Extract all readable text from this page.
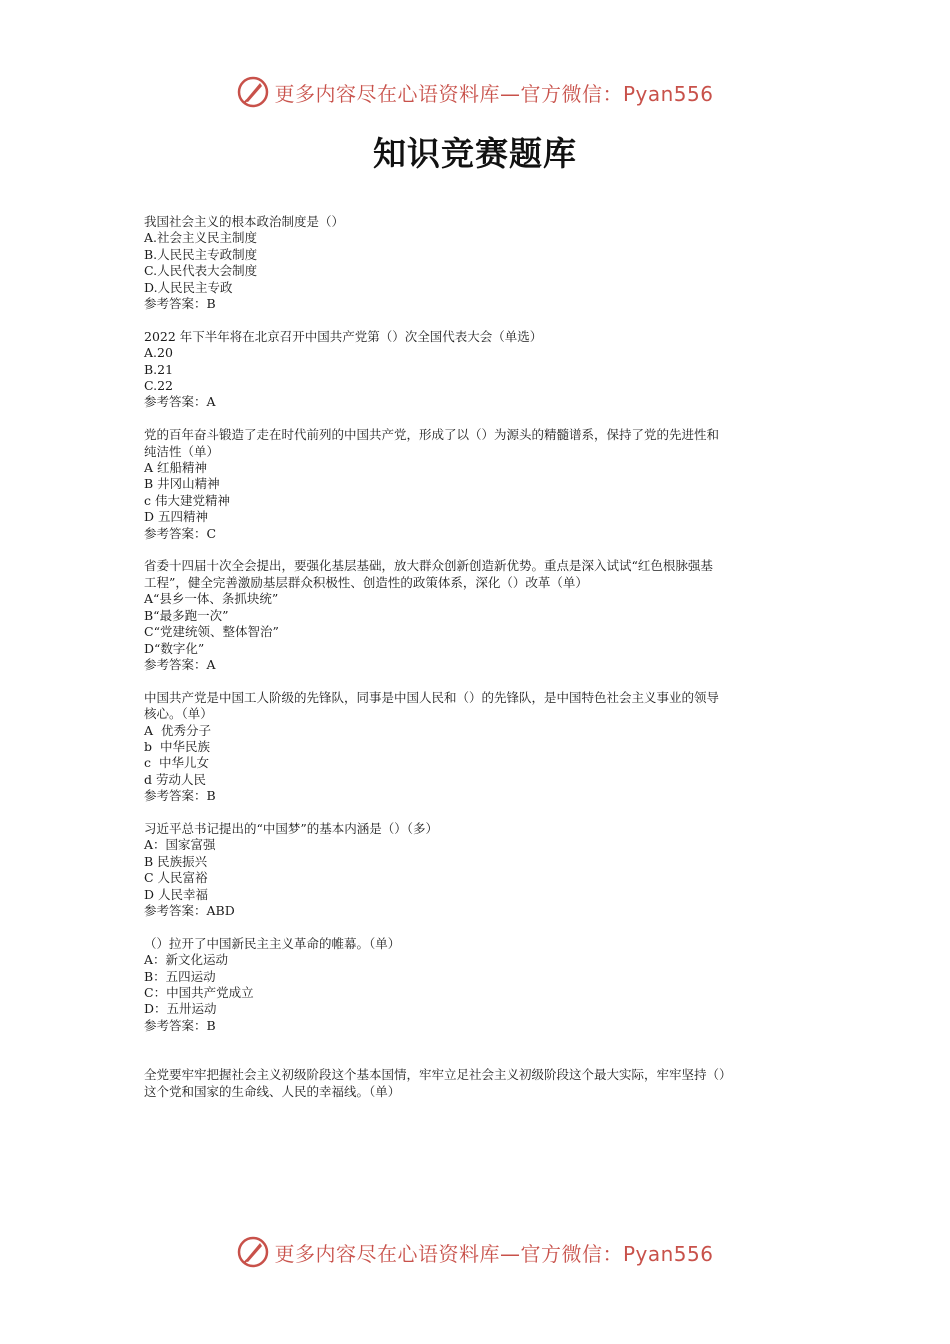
更多内容尽在心语资料库—官方微信：Pyan556
知识竞赛题库
我国社会主义的根本政治制度是（）
A.社会主义民主制度
B.人民民主专政制度
C.人民代表大会制度
D.人民民主专政
参考答案：B
2022 年下半年将在北京召开中国共产党第（）次全国代表大会（单选）
A.20
B.21
C.22
参考答案：A
党的百年奋斗锻造了走在时代前列的中国共产党，形成了以（）为源头的精髓谱系，保持了党的先进性和
纯洁性（单）
A 红船精神
B 井冈山精神
c 伟大建党精神
D 五四精神
参考答案：C
省委十四届十次全会提出，要强化基层基础，放大群众创新创造新优势。重点是深入试试“红色根脉强基
工程”，健全完善激励基层群众积极性、创造性的政策体系，深化（）改革（单）
A“县乡一体、条抓块统”
B“最多跑一次”
C“党建统领、整体智治”
D“数字化”
参考答案：A
中国共产党是中国工人阶级的先锋队，同事是中国人民和（）的先锋队，是中国特色社会主义事业的领导
核心。（单）
A  优秀分子
b  中华民族
c  中华儿女
d 劳动人民
参考答案：B
习近平总书记提出的“中国梦”的基本内涵是（）（多）
A：国家富强
B 民族振兴
C 人民富裕
D 人民幸福
参考答案：ABD
（）拉开了中国新民主主义革命的帷幕。（单）
A：新文化运动
B：五四运动
C：中国共产党成立
D：五卅运动
参考答案：B
全党要牢牢把握社会主义初级阶段这个基本国情，牢牢立足社会主义初级阶段这个最大实际，牢牢坚持（）
这个党和国家的生命线、人民的幸福线。（单）
更多内容尽在心语资料库—官方微信：Pyan556
